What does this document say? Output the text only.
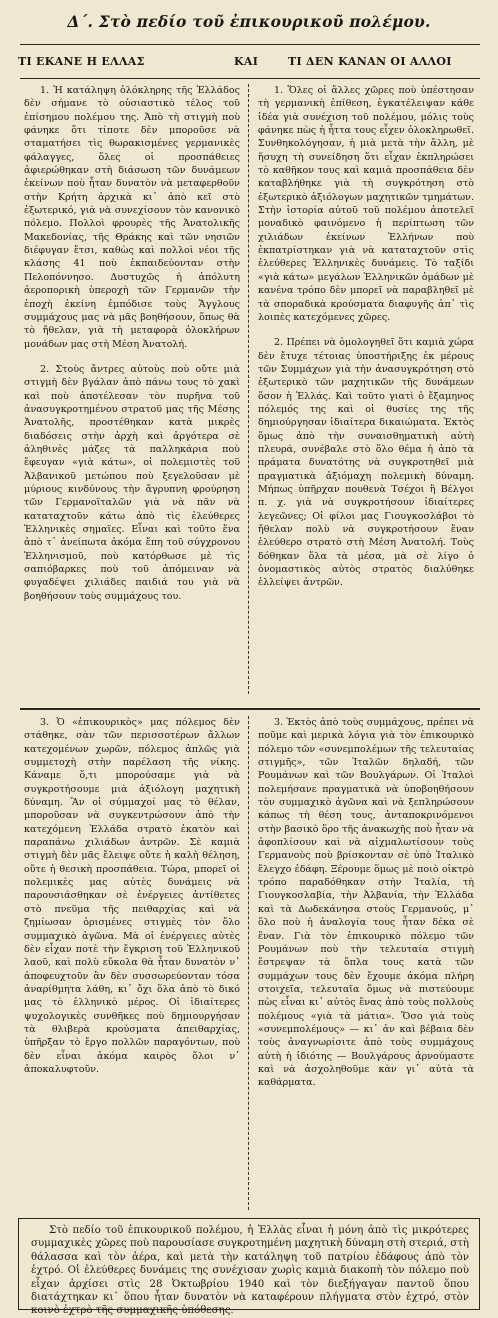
Δ΄. Στὸ πεδίο τοῦ ἐπικουρικοῦ πολέμου.
ΤΙ ΕΚΑΝΕ Η ΕΛΛΑΣ	ΚΑΙ	ΤΙ ΔΕΝ ΚΑΝΑΝ ΟΙ ΑΛΛΟΙ

1. Ἡ κατάληψη ὁλόκληρης τῆς Ἑλλάδος δὲν σήμανε τὸ οὐσιαστικὸ τέλος τοῦ ἐπίσημου πολέμου της. Ἀπὸ τὴ στιγμὴ ποὺ φάνηκε ὅτι τίποτε δὲν μποροῦσε νὰ σταματήσει τὶς θωρακισμένες γερμανικὲς φάλαγγες, ὅλες οἱ προσπάθειες ἀφιερώθηκαν στὴ διάσωση τῶν δυνάμεων ἐκείνων ποὺ ἦταν δυνατὸν νὰ μεταφερθοῦν στὴν Κρήτη ἀρχικὰ κι᾿ ἀπὸ κεῖ στὸ ἐξωτερικό, γιὰ νὰ συνεχίσουν τὸν κανονικὸ πόλεμο. Πολλοὶ φρουρὲς τῆς Ἀνατολικῆς Μακεδονίας, τῆς Θράκης καὶ τῶν νησιῶν διέφυγαν ἔτσι, καθὼς καὶ πολλοὶ νέοι τῆς κλάσης 41 ποὺ ἐκπαιδεύονταν στὴν Πελοπόννησο. Δυστυχῶς ἡ ἀπόλυτη ἀεροπορικὴ ὑπεροχὴ τῶν Γερμανῶν τὴν ἐποχὴ ἐκείνη ἐμπόδισε τοὺς Ἄγγλους συμμάχους μας νὰ μᾶς βοηθήσουν, ὅπως θὰ τὸ ἤθελαν, γιὰ τὴ μεταφορὰ ὁλοκλήρων μονάδων μας στὴ Μέση Ἀνατολή.

2. Στοὺς ἄντρες αὐτοὺς ποὺ οὔτε μιὰ στιγμὴ δὲν βγάλαν ἀπὸ πάνω τους τὸ χακὶ καὶ ποὺ ἀποτέλεσαν τὸν πυρῆνα τοῦ ἀνασυγκροτημένου στρατοῦ μας τῆς Μέσης Ἀνατολῆς, προστέθηκαν κατὰ μικρὲς διαδόσεις στὴν ἀρχὴ καὶ ἀργότερα σὲ ἀληθινὲς μάζες τὰ παλληκάρια ποὺ ἔφευγαν «γιὰ κάτω», οἱ πολεμιστὲς τοῦ Ἀλβανικοῦ μετώπου ποὺ ξεγελοῦσαν μὲ μύριους κινδύνους τὴν ἄγρυπνη φρούρηση τῶν Γερμανοϊταλῶν γιὰ νὰ πᾶν νὰ καταταχτοῦν κάτω ἀπὸ τὶς ἐλεύθερες Ἑλληνικὲς σημαῖες. Εἶναι καὶ τοῦτο ἕνα ἀπὸ τ᾿ ἀνείπωτα ἀκόμα ἔπη τοῦ σύγχρονου Ἑλληνισμοῦ, ποὺ κατόρθωσε μὲ τὶς σαπιόβαρκες ποὺ τοῦ ἀπόμειναν νὰ φυγαδέψει χιλιάδες παιδιά του γιὰ νὰ βοηθήσουν τοὺς συμμάχους του.

1. Ὅλες οἱ ἄλλες χῶρες ποὺ ὑπέστησαν τὴ γερμανικὴ ἐπίθεση, ἐγκατέλειψαν κάθε ἰδέα γιὰ συνέχιση τοῦ πολέμου, μόλις τοὺς φάνηκε πὼς ἡ ἧττα τους εἶχεν ὁλοκληρωθεῖ. Συνθηκολόγησαν, ἡ μιὰ μετὰ τὴν ἄλλη, μὲ ἥσυχη τὴ συνείδηση ὅτι εἶχαν ἐκπληρώσει τὸ καθῆκον τους καὶ καμιὰ προσπάθεια δὲν καταβλήθηκε γιὰ τὴ συγκρότηση στὸ ἐξωτερικὸ ἀξιόλογων μαχητικῶν τμημάτων. Στὴν ἱστορία αὐτοῦ τοῦ πολέμου ἀποτελεῖ μοναδικὸ φαινόμενο ἡ περίπτωση τῶν χιλιάδων ἐκείνων Ἑλλήνων ποὺ ἐκπατρίστηκαν γιὰ νὰ καταταχτοῦν στὶς ἐλεύθερες Ἑλληνικὲς δυνάμεις. Τὸ ταξίδι «γιὰ κάτω» μεγάλων Ἑλληνικῶν ὁμάδων μὲ κανένα τρόπο δὲν μπορεῖ νὰ παραβληθεῖ μὲ τὰ σποραδικὰ κρούσματα διαφυγῆς ἀπ᾿ τὶς λοιπὲς κατεχόμενες χῶρες.

2. Πρέπει νὰ ὁμολογηθεῖ ὅτι καμιὰ χώρα δὲν ἔτυχε τέτοιας ὑποστήριξης ἐκ μέρους τῶν Συμμάχων γιὰ τὴν ἀνασυγκρότηση στὸ ἐξωτερικὸ τῶν μαχητικῶν τῆς δυνάμεων ὅσον ἡ Ἑλλάς. Καὶ τοῦτο γιατὶ ὁ ἔξαμηνος πόλεμός της καὶ οἱ θυσίες της τῆς δημιούργησαν ἰδιαίτερα δικαιώματα. Ἐκτὸς ὅμως ἀπὸ τὴν συναισθηματικὴ αὐτὴ πλευρά, συνέβαλε στὸ ὅλο θέμα ἡ ἀπὸ τὰ πράματα δυνατότης νὰ συγκροτηθεῖ μιὰ πραγματικὰ ἀξιόμαχη πολεμικὴ δύναμη. Μήπως ὑπῆρχαν πουθενὰ Τσέχοι ἢ Βέλγοι π. χ. γιὰ νὰ συγκροτήσουν ἰδιαίτερες λεγεῶνες; Οἱ φίλοι μας Γιουγκοσλάβοι τὸ ἤθελαν πολὺ νὰ συγκροτήσουν ἕναν ἐλεύθερο στρατὸ στὴ Μέση Ἀνατολή. Τοὺς δόθηκαν ὅλα τὰ μέσα, μὰ σὲ λίγο ὁ ὀνομαστικὸς αὐτὸς στρατὸς διαλύθηκε ἐλλείψει ἀντρῶν.

3. Ὁ «ἐπικουρικὸς» μας πόλεμος δὲν στάθηκε, σὰν τῶν περισσοτέρων ἄλλων κατεχομένων χωρῶν, πόλεμος ἁπλῶς γιὰ συμμετοχὴ στὴν παρέλαση τῆς νίκης. Κάναμε ὅ,τι μπορούσαμε γιὰ νὰ συγκροτήσουμε μιὰ ἀξιόλογη μαχητικὴ δύναμη. Ἂν οἱ σύμμαχοί μας τὸ θέλαν, μποροῦσαν νὰ συγκεντρώσουν ἀπὸ τὴν κατεχόμενη Ἑλλάδα στρατὸ ἑκατὸν καὶ παραπάνω χιλιάδων ἀντρῶν. Σὲ καμιὰ στιγμὴ δὲν μᾶς ἔλειψε οὔτε ἡ καλὴ θέληση, οὔτε ἡ θεσικὴ προσπάθεια. Τώρα, μπορεῖ οἱ πολεμικὲς μας αὐτὲς δυνάμεις νὰ παρουσιάσθηκαν σὲ ἐνέργειες ἀντίθετες στὸ πνεῦμα τῆς πειθαρχίας καὶ νὰ ζημίωσαν ὁρισμένες στιγμὲς τὸν ὅλο συμμαχικὸ ἀγῶνα. Μὰ οἱ ἐνέργειες αὐτὲς δὲν εἶχαν ποτὲ τὴν ἔγκριση τοῦ Ἑλληνικοῦ λαοῦ, καὶ πολὺ εὔκολα θὰ ἦταν δυνατὸν ν᾿ ἀποφευχτοῦν ἂν δὲν συσσωρεύονταν τόσα ἀναρίθμητα λάθη, κι᾿ ὄχι ὅλα ἀπὸ τὸ δικό μας τὸ ἑλληνικὸ μέρος. Οἱ ἰδιαίτερες ψυχολογικὲς συνθῆκες ποὺ δημιουργήσαν τὰ θλιβερὰ κρούσματα ἀπειθαρχίας, ὑπῆρξαν τὸ ἔργο πολλῶν παραγόντων, ποὺ δὲν εἶναι ἀκόμα καιρὸς ὅλοι ν᾿ ἀποκαλυφτοῦν.

3. Ἐκτὸς ἀπὸ τοὺς συμμάχους, πρέπει νὰ ποῦμε καὶ μερικὰ λόγια γιὰ τὸν ἐπικουρικὸ πόλεμο τῶν «συνεμπολέμων τῆς τελευταίας στιγμῆς», τῶν Ἰταλῶν δηλαδή, τῶν Ρουμάνων καὶ τῶν Βουλγάρων. Οἱ Ἰταλοὶ πολεμήσανε πραγματικὰ νὰ ὑποβοηθήσουν τὸν συμμαχικὸ ἀγῶνα καὶ νὰ ξεπληρώσουν κάπως τὴ θέση τους, ἀνταποκρινόμενοι στὴν βασικὸ ὅρο τῆς ἀνακωχῆς ποὺ ἦταν νὰ ἀφοπλίσουν καὶ νὰ αἰχμαλωτίσουν τοὺς Γερμανοὺς ποὺ βρίσκονταν σὲ ὑπὸ Ἰταλικὸ ἔλεγχο ἐδάφη. Ξέρουμε ὅμως μὲ ποιὸ οἰκτρὸ τρόπο παραδόθηκαν στὴν Ἰταλία, τὴ Γιουγκοσλαβία, τὴν Ἀλβανία, τὴν Ἑλλάδα καὶ τὰ Δωδεκάνησα στοὺς Γερμανούς, μ᾿ ὅλο ποὺ ἡ ἀναλογία τους ἦταν δέκα σὲ ἕναν. Γιὰ τὸν ἐπικουρικὸ πόλεμο τῶν Ρουμάνων ποὺ τὴν τελευταία στιγμὴ ἔστρεψαν τὰ ὅπλα τους κατὰ τῶν συμμάχων τους δὲν ἔχουμε ἀκόμα πλήρη στοιχεῖα, τελευταῖα ὅμως νὰ πιστεύουμε πὼς εἶναι κι᾿ αὐτὸς ἕνας ἀπὸ τοὺς πολλοὺς πολέμους «γιὰ τὰ μάτια». Ὅσο γιὰ τοὺς «συνεμπολέμους» — κι᾿ ἀν καὶ βέβαια δὲν τοὺς ἀναγνωρίσιτε ἀπὸ τοὺς συμμάχους αὐτὴ ἡ ἰδιότης — Βουλγάρους ἀρνούμαστε καὶ νὰ ἀσχοληθοῦμε κὰν γι᾿ αὐτὰ τὰ καθάρματα.

Στὸ πεδίο τοῦ ἐπικουρικοῦ πολέμου, ἡ Ἑλλὰς εἶναι ἡ μόνη ἀπὸ τὶς μικρότερες συμμαχικὲς χῶρες ποὺ παρουσίασε συγκροτημένη μαχητικὴ δύναμη στὴ στεριά, στὴ θάλασσα καὶ τὸν ἀέρα, καὶ μετὰ τὴν κατάληψη τοῦ πατρίου ἐδάφους ἀπὸ τὸν ἐχτρό. Οἱ ἐλεύθερες δυνάμεις της συνέχισαν χωρὶς καμιὰ διακοπὴ τὸν πόλεμο ποὺ εἶχαν ἀρχίσει στὶς 28 Ὀκτωβρίου 1940 καὶ τὸν διεξήγαγαν παντοῦ ὅπου διατάχτηκαν κι᾿ ὅπου ἦταν δυνατὸν νὰ καταφέρουν πλήγματα στὸν ἐχτρό, στὸν κοινὸ ἐχτρὸ τῆς συμμαχικῆς ὑπόθεσης.
